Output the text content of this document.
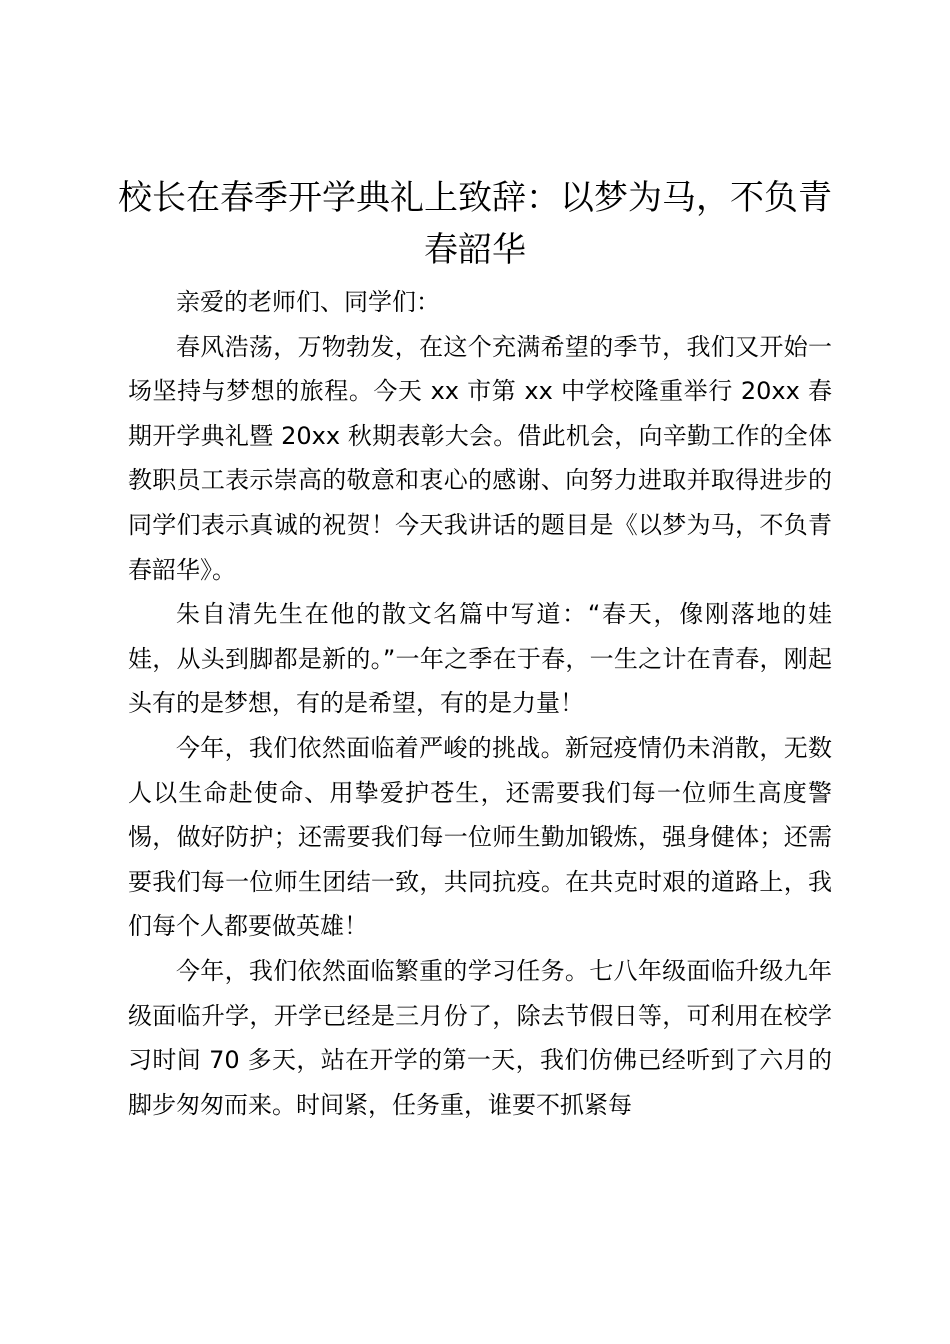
校长在春季开学典礼上致辞：以梦为马，不负青春韶华

亲爱的老师们、同学们：

春风浩荡，万物勃发，在这个充满希望的季节，我们又开始一场坚持与梦想的旅程。今天 xx 市第 xx 中学校隆重举行 20xx 春期开学典礼暨 20xx 秋期表彰大会。借此机会，向辛勤工作的全体教职员工表示崇高的敬意和衷心的感谢、向努力进取并取得进步的同学们表示真诚的祝贺！今天我讲话的题目是《以梦为马，不负青春韶华》。

朱自清先生在他的散文名篇中写道：“春天，像刚落地的娃娃，从头到脚都是新的。”一年之季在于春，一生之计在青春，刚起头有的是梦想，有的是希望，有的是力量！

今年，我们依然面临着严峻的挑战。新冠疫情仍未消散，无数人以生命赴使命、用挚爱护苍生，还需要我们每一位师生高度警惕，做好防护；还需要我们每一位师生勤加锻炼，强身健体；还需要我们每一位师生团结一致，共同抗疫。在共克时艰的道路上，我们每个人都要做英雄！

今年，我们依然面临繁重的学习任务。七八年级面临升级九年级面临升学，开学已经是三月份了，除去节假日等，可利用在校学习时间 70 多天，站在开学的第一天，我们仿佛已经听到了六月的脚步匆匆而来。时间紧，任务重，谁要不抓紧每
